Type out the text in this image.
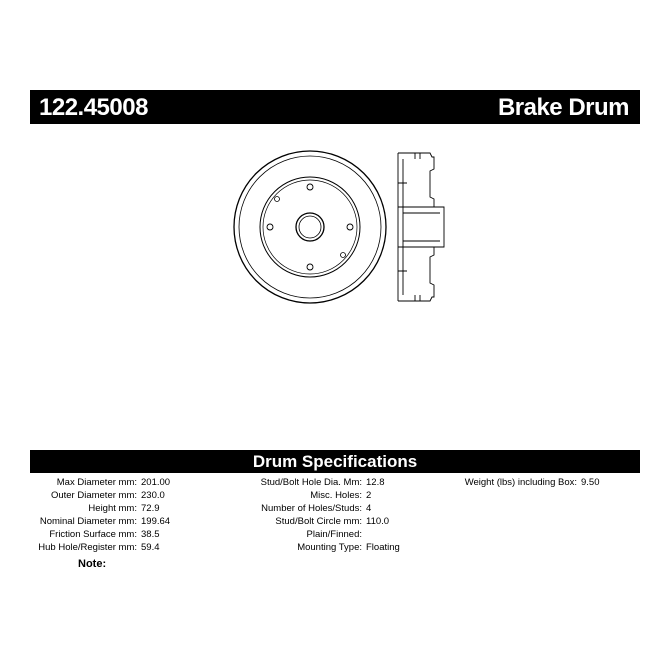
122.45008	Brake Drum
Drum Specifications
Max Diameter mm: 201.00
Outer Diameter mm: 230.0
Height mm: 72.9
Nominal Diameter mm: 199.64
Friction Surface mm: 38.5
Hub Hole/Register mm: 59.4
Stud/Bolt Hole Dia. Mm: 12.8
Misc. Holes: 2
Number of Holes/Studs: 4
Stud/Bolt Circle mm: 110.0
Plain/Finned:
Mounting Type: Floating
Weight (lbs) including Box: 9.50
Note:
